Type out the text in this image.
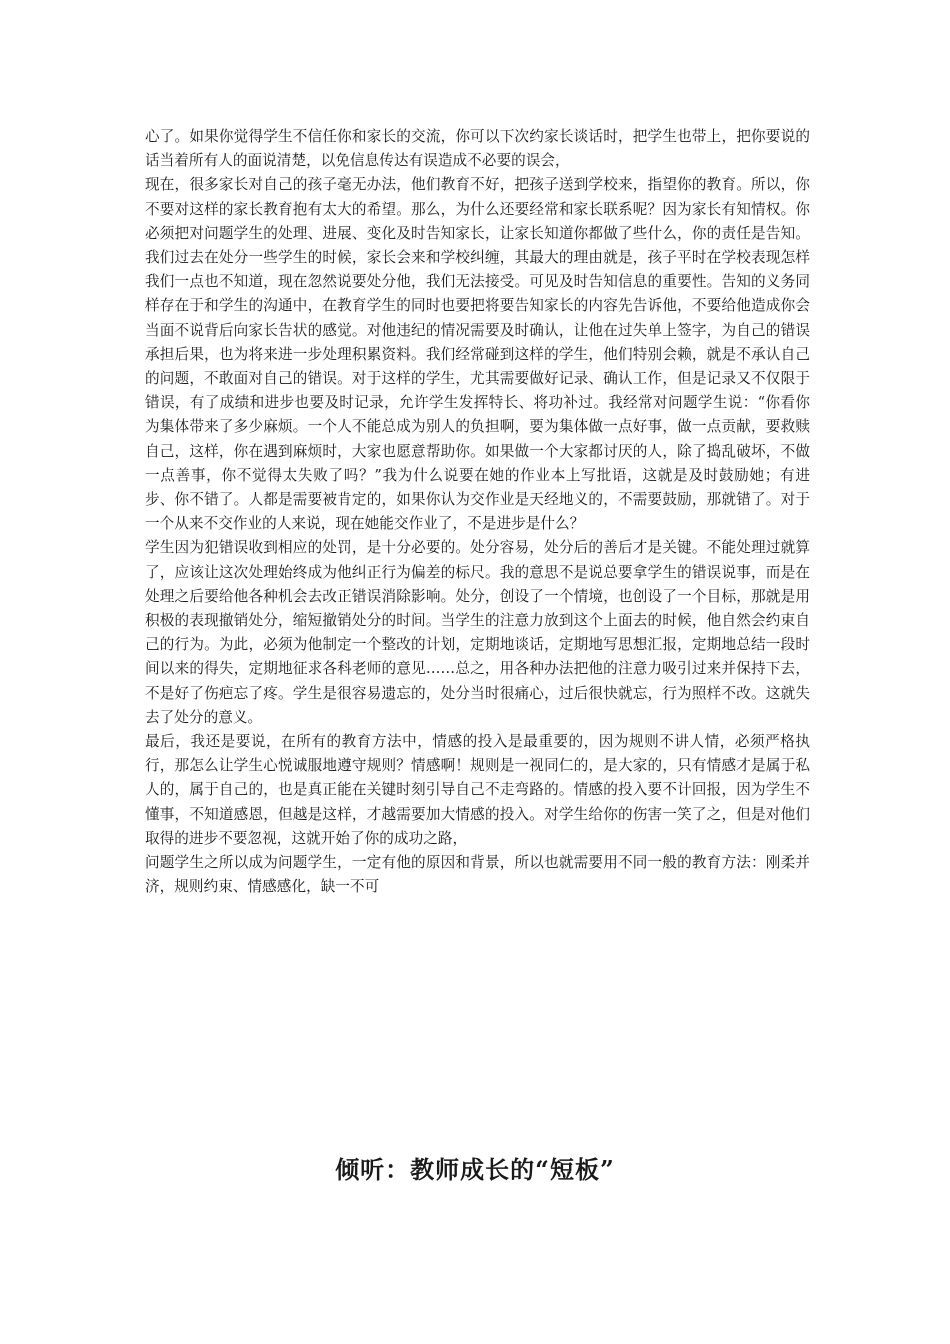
心了。如果你觉得学生不信任你和家长的交流，你可以下次约家长谈话时，把学生也带上，把你要说的话当着所有人的面说清楚，以免信息传达有误造成不必要的误会，

现在，很多家长对自己的孩子毫无办法，他们教育不好，把孩子送到学校来，指望你的教育。所以，你不要对这样的家长教育抱有太大的希望。那么，为什么还要经常和家长联系呢？因为家长有知情权。你必须把对问题学生的处理、进展、变化及时告知家长，让家长知道你都做了些什么，你的责任是告知。我们过去在处分一些学生的时候，家长会来和学校纠缠，其最大的理由就是，孩子平时在学校表现怎样我们一点也不知道，现在忽然说要处分他，我们无法接受。可见及时告知信息的重要性。告知的义务同样存在于和学生的沟通中，在教育学生的同时也要把将要告知家长的内容先告诉他，不要给他造成你会当面不说背后向家长告状的感觉。对他违纪的情况需要及时确认，让他在过失单上签字，为自己的错误承担后果，也为将来进一步处理积累资料。我们经常碰到这样的学生，他们特别会赖，就是不承认自己的问题，不敢面对自己的错误。对于这样的学生，尤其需要做好记录、确认工作，但是记录又不仅限于错误，有了成绩和进步也要及时记录，允许学生发挥特长、将功补过。我经常对问题学生说：“你看你为集体带来了多少麻烦。一个人不能总成为别人的负担啊，要为集体做一点好事，做一点贡献，要救赎自己，这样，你在遇到麻烦时，大家也愿意帮助你。如果做一个大家都讨厌的人，除了捣乱破坏，不做一点善事，你不觉得太失败了吗？”我为什么说要在她的作业本上写批语，这就是及时鼓励她；有进步、你不错了。人都是需要被肯定的，如果你认为交作业是天经地义的，不需要鼓励，那就错了。对于一个从来不交作业的人来说，现在她能交作业了，不是进步是什么？

学生因为犯错误收到相应的处罚，是十分必要的。处分容易，处分后的善后才是关键。不能处理过就算了，应该让这次处理始终成为他纠正行为偏差的标尺。我的意思不是说总要拿学生的错误说事，而是在处理之后要给他各种机会去改正错误消除影响。处分，创设了一个情境，也创设了一个目标，那就是用积极的表现撤销处分，缩短撤销处分的时间。当学生的注意力放到这个上面去的时候，他自然会约束自己的行为。为此，必须为他制定一个整改的计划，定期地谈话，定期地写思想汇报，定期地总结一段时间以来的得失，定期地征求各科老师的意见……总之，用各种办法把他的注意力吸引过来并保持下去，不是好了伤疤忘了疼。学生是很容易遗忘的，处分当时很痛心，过后很快就忘，行为照样不改。这就失去了处分的意义。

最后，我还是要说，在所有的教育方法中，情感的投入是最重要的，因为规则不讲人情，必须严格执行，那怎么让学生心悦诚服地遵守规则？情感啊！规则是一视同仁的，是大家的，只有情感才是属于私人的，属于自己的，也是真正能在关键时刻引导自己不走弯路的。情感的投入要不计回报，因为学生不懂事，不知道感恩，但越是这样，才越需要加大情感的投入。对学生给你的伤害一笑了之，但是对他们取得的进步不要忽视，这就开始了你的成功之路，

问题学生之所以成为问题学生，一定有他的原因和背景，所以也就需要用不同一般的教育方法：刚柔并济，规则约束、情感感化，缺一不可

倾听：教师成长的“短板”
